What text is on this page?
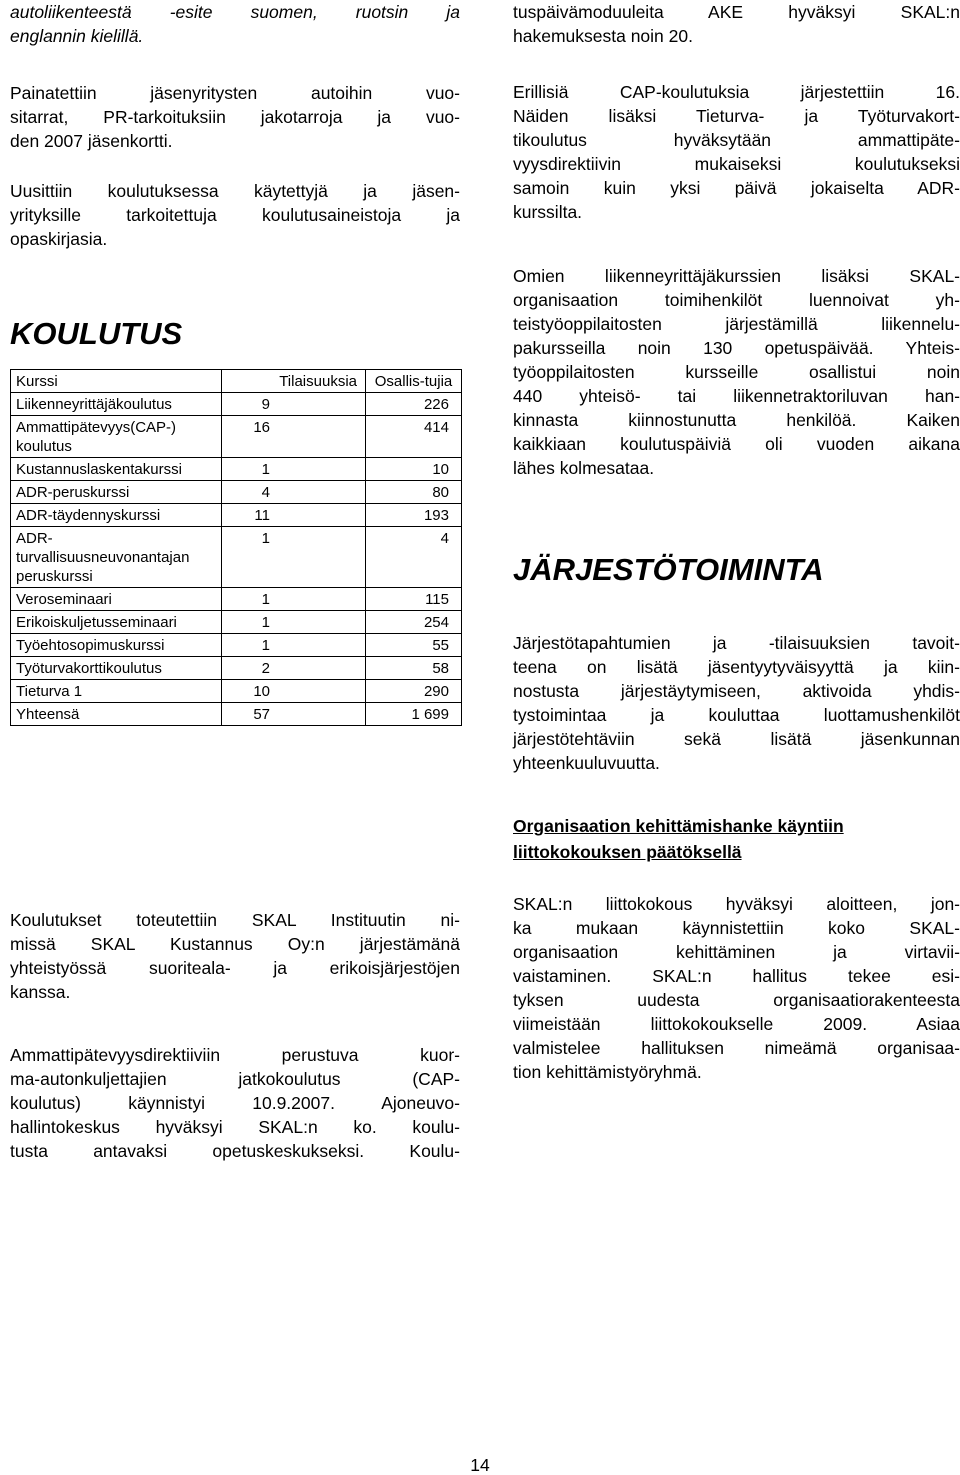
autoliikenteestä -esite suomen, ruotsin ja
englannin kielillä.

Painatettiin jäsenyritysten autoihin vuo-
sitarrat, PR-tarkoituksiin jakotarroja ja vuo-
den 2007 jäsenkortti.

Uusittiin koulutuksessa käytettyjä ja jäsen-
yrityksille tarkoitettuja koulutusaineistoja ja
opaskirjasia.

KOULUTUS
Kurssi	Tilaisuuksia	Osallis-tujia
Liikenneyrittäjäkoulutus	9	226
Ammattipätevyys(CAP-) koulutus	16	414
Kustannuslaskentakurssi	1	10
ADR-peruskurssi	4	80
ADR-täydennyskurssi	11	193
ADR-turvallisuusneuvonantajan peruskurssi	1	4
Veroseminaari	1	115
Erikoiskuljetusseminaari	1	254
Työehtosopimuskurssi	1	55
Työturvakorttikoulutus	2	58
Tieturva 1	10	290
Yhteensä	57	1 699

Koulutukset toteutettiin SKAL Instituutin ni-
missä SKAL Kustannus Oy:n järjestämänä
yhteistyössä suoriteala- ja erikoisjärjestöjen
kanssa.

Ammattipätevyysdirektiiviin perustuva kuor-
ma-autonkuljettajien jatkokoulutus (CAP-
koulutus) käynnistyi 10.9.2007. Ajoneuvo-
hallintokeskus hyväksyi SKAL:n ko. koulu-
tusta antavaksi opetuskeskukseksi. Koulu-

tuspäivämoduuleita AKE hyväksyi SKAL:n
hakemuksesta noin 20.

Erillisiä CAP-koulutuksia järjestettiin 16.
Näiden lisäksi Tieturva- ja Työturvakort-
tikoulutus hyväksytään ammattipäte-
vyysdirektiivin mukaiseksi koulutukseksi
samoin kuin yksi päivä jokaiselta ADR-
kurssilta.

Omien liikenneyrittäjäkurssien lisäksi SKAL-
organisaation toimihenkilöt luennoivat yh-
teistyöoppilaitosten järjestämillä liikennelu-
pakursseilla noin 130 opetuspäivää. Yhteis-
työoppilaitosten kursseille osallistui noin
440 yhteisö- tai liikennetraktoriluvan han-
kinnasta kiinnostunutta henkilöä. Kaiken
kaikkiaan koulutuspäiviä oli vuoden aikana
lähes kolmesataa.

JÄRJESTÖTOIMINTA

Järjestötapahtumien ja -tilaisuuksien tavoit-
teena on lisätä jäsentyytyväisyyttä ja kiin-
nostusta järjestäytymiseen, aktivoida yhdis-
tystoimintaa ja kouluttaa luottamushenkilöt
järjestötehtäviin sekä lisätä jäsenkunnan
yhteenkuuluvuutta.

Organisaation kehittämishanke käyntiin
liittokokouksen päätöksellä

SKAL:n liittokokous hyväksyi aloitteen, jon-
ka mukaan käynnistettiin koko SKAL-
organisaation kehittäminen ja virtavii-
vaistaminen. SKAL:n hallitus tekee esi-
tyksen uudesta organisaatiorakenteesta
viimeistään liittokokoukselle 2009. Asiaa
valmistelee hallituksen nimeämä organisaa-
tion kehittämistyöryhmä.

14
